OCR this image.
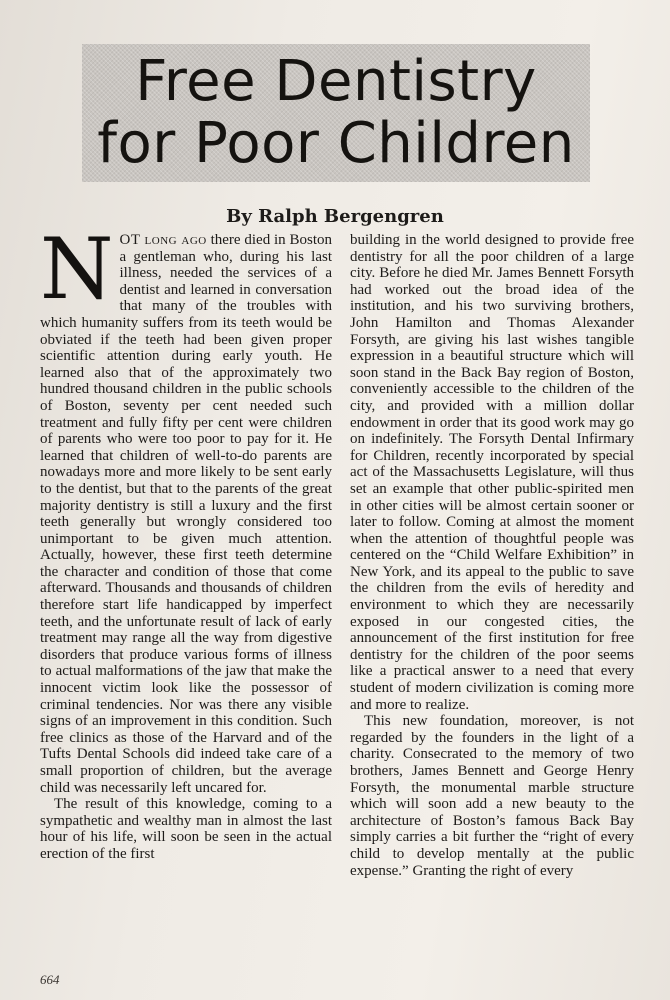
Free Dentistry
for Poor Children
By Ralph Bergengren

NOT long ago there died in Boston a gentleman who, during his last illness, needed the services of a dentist and learned in conversation that many of the troubles with which humanity suffers from its teeth would be obviated if the teeth had been given proper scientific attention during early youth. He learned also that of the approximately two hundred thousand children in the public schools of Boston, seventy per cent needed such treatment and fully fifty per cent were children of parents who were too poor to pay for it. He learned that children of well-to-do parents are nowadays more and more likely to be sent early to the dentist, but that to the parents of the great majority dentistry is still a luxury and the first teeth generally but wrongly considered too unimportant to be given much attention. Actually, however, these first teeth determine the character and condition of those that come afterward. Thousands and thousands of children therefore start life handicapped by imperfect teeth, and the unfortunate result of lack of early treatment may range all the way from digestive disorders that produce various forms of illness to actual malformations of the jaw that make the innocent victim look like the possessor of criminal tendencies. Nor was there any visible signs of an improvement in this condition. Such free clinics as those of the Harvard and of the Tufts Dental Schools did indeed take care of a small proportion of children, but the average child was necessarily left uncared for.

The result of this knowledge, coming to a sympathetic and wealthy man in almost the last hour of his life, will soon be seen in the actual erection of the first

building in the world designed to provide free dentistry for all the poor children of a large city. Before he died Mr. James Bennett Forsyth had worked out the broad idea of the institution, and his two surviving brothers, John Hamilton and Thomas Alexander Forsyth, are giving his last wishes tangible expression in a beautiful structure which will soon stand in the Back Bay region of Boston, conveniently accessible to the children of the city, and provided with a million dollar endowment in order that its good work may go on indefinitely. The Forsyth Dental Infirmary for Children, recently incorporated by special act of the Massachusetts Legislature, will thus set an example that other public-spirited men in other cities will be almost certain sooner or later to follow. Coming at almost the moment when the attention of thoughtful people was centered on the “Child Welfare Exhibition” in New York, and its appeal to the public to save the children from the evils of heredity and environment to which they are necessarily exposed in our congested cities, the announcement of the first institution for free dentistry for the children of the poor seems like a practical answer to a need that every student of modern civilization is coming more and more to realize.

This new foundation, moreover, is not regarded by the founders in the light of a charity. Consecrated to the memory of two brothers, James Bennett and George Henry Forsyth, the monumental marble structure which will soon add a new beauty to the architecture of Boston’s famous Back Bay simply carries a bit further the “right of every child to develop mentally at the public expense.” Granting the right of every

664
